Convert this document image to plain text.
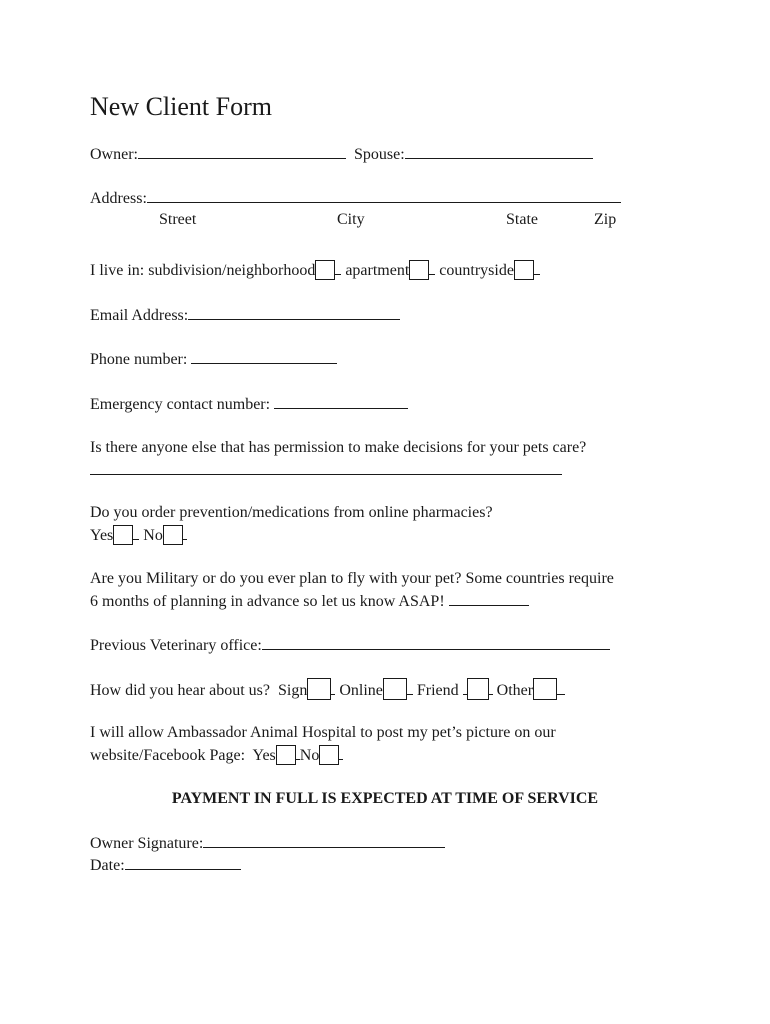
New Client Form
Owner:	Spouse:
Address:
Street	City	State	Zip
I live in: subdivision/neighborhood apartment countryside
Email Address:
Phone number:
Emergency contact number:
Is there anyone else that has permission to make decisions for your pets care?
Do you order prevention/medications from online pharmacies?
Yes No
Are you Military or do you ever plan to fly with your pet? Some countries require
6 months of planning in advance so let us know ASAP!
Previous Veterinary office:
How did you hear about us? Sign Online Friend Other
I will allow Ambassador Animal Hospital to post my pet’s picture on our
website/Facebook Page: Yes No
PAYMENT IN FULL IS EXPECTED AT TIME OF SERVICE
Owner Signature:
Date:
